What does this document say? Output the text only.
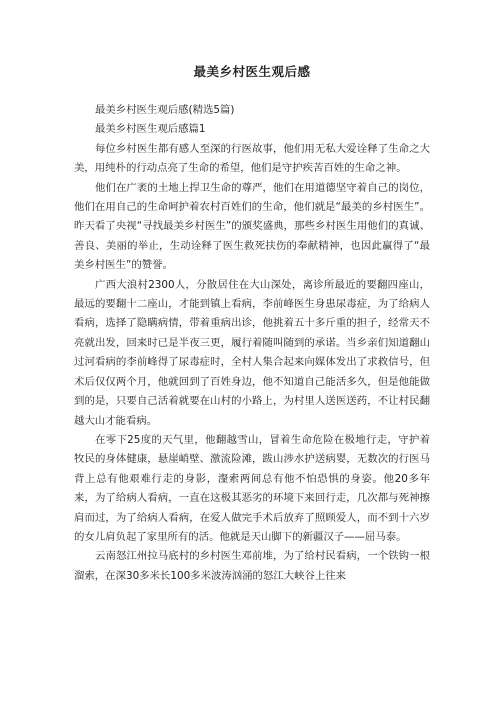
最美乡村医生观后感

最美乡村医生观后感(精选5篇)

最美乡村医生观后感篇1

每位乡村医生都有感人至深的行医故事，他们用无私大爱诠释了生命之大美，用纯朴的行动点亮了生命的希望，他们是守护疾苦百姓的生命之神。

他们在广袤的土地上捍卫生命的尊严，他们在用道德坚守着自己的岗位，他们在用自己的生命呵护着农村百姓们的生命，他们就是“最美的乡村医生”。昨天看了央视“寻找最美乡村医生”的颁奖盛典，那些乡村医生用他们的真诚、善良、美丽的举止，生动诠释了医生救死扶伤的奉献精神，也因此赢得了“最美乡村医生”的赞誉。

广西大浪村2300人，分散居住在大山深处，离诊所最近的要翻四座山，最远的要翻十二座山，才能到镇上看病，李前峰医生身患尿毒症，为了给病人看病，选择了隐瞒病情，带着重病出诊，他挑着五十多斤重的担子，经常天不亮就出发，回来时已是半夜三更，履行着随叫随到的承诺。当乡亲们知道翻山过河看病的李前峰得了尿毒症时，全村人集合起来向媒体发出了求救信号，但术后仅仅两个月，他就回到了百姓身边，他不知道自己能活多久，但是他能做到的是，只要自己活着就要在山村的小路上，为村里人送医送药，不让村民翻越大山才能看病。

在零下25度的天气里，他翻越雪山，冒着生命危险在极地行走，守护着牧民的身体健康，悬崖峭壁、激流险滩，跋山涉水护送病婴，无数次的行医马背上总有他艰难行走的身影，瀣索两间总有他不怕恐惧的身姿。他20多年来，为了给病人看病，一直在这极其恶劣的环境下来回行走，几次都与死神擦肩而过，为了给病人看病，在爱人做完手术后放弃了照顾爱人，而不到十六岁的女儿肩负起了家里所有的活。他就是天山脚下的新疆汉子——屈马泰。

云南怒江州拉马底村的乡村医生邓前堆，为了给村民看病，一个铁钩一根溜索，在深30多米长100多米波涛汹涌的怒江大峡谷上往来
